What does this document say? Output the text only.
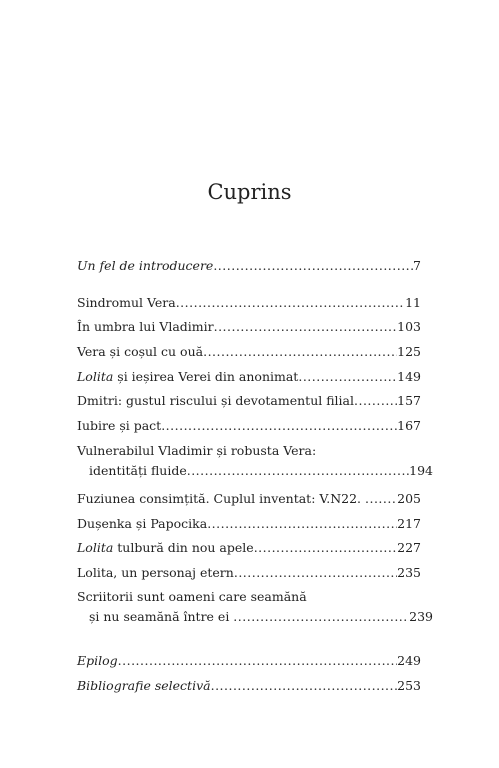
Cuprins
Un fel de introducere .....	7
Sindromul Vera .....	11
În umbra lui Vladimir .....	103
Vera și coșul cu ouă .....	125
Lolita și ieșirea Verei din anonimat .....	149
Dmitri: gustul riscului și devotamentul filial .....	157
Iubire și pact .....	167
Vulnerabilul Vladimir și robusta Vera:
identități fluide .....	194
Fuziunea consimțită. Cuplul inventat: V.N22. .....	205
Dușenka și Papocika .....	217
Lolita tulbură din nou apele .....	227
Lolita, un personaj etern .....	235
Scriitorii sunt oameni care seamănă
și nu seamănă între ei .....	239
Epilog .....	249
Bibliografie selectivă .....	253
